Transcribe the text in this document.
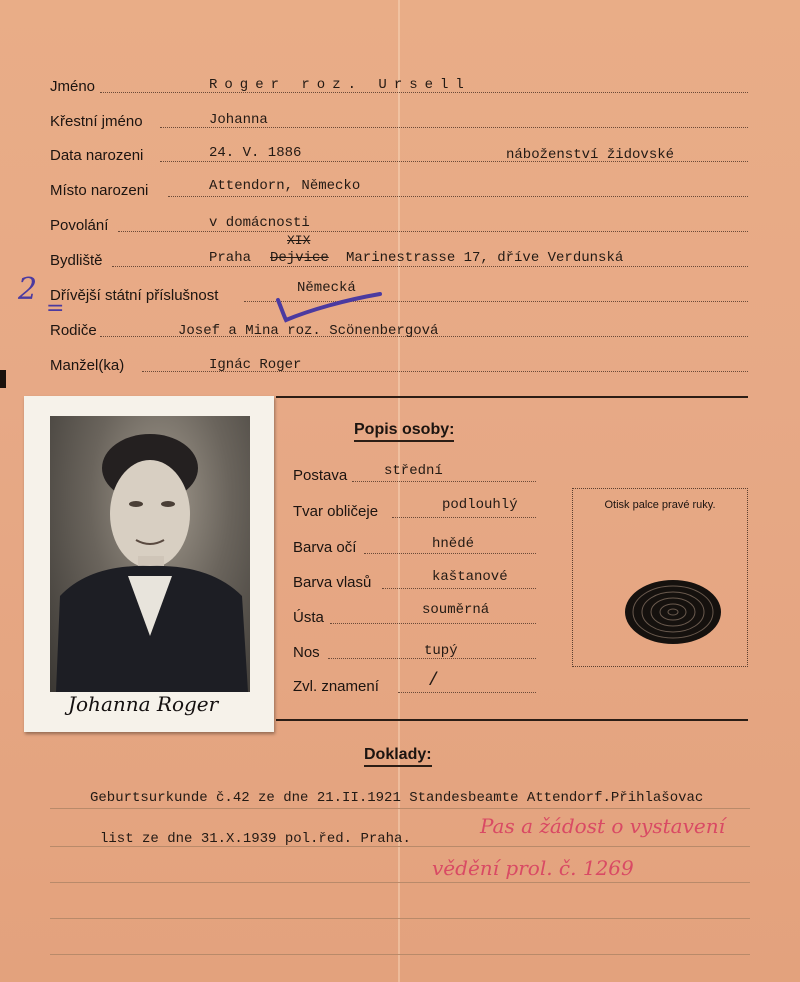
Jméno	Roger roz. Ursell
Křestní jméno	Johanna
Data narozeni	24. V. 1886	náboženství židovské
Místo narozeni	Attendorn, Německo
Povolání	v domácnosti
Bydliště	Praha Dejvice
XIX
Marinestrasse 17, dříve Verdunská
Dřívější státní příslušnost	Německá
Rodiče	Josef a Mina roz. Scönenbergová
Manžel(ka)	Ignác Roger
2
=
Johanna Roger
Popis osoby:
Postava	střední
Tvar obličeje	podlouhlý
Barva očí	hnědé
Barva vlasů	kaštanové
Ústa	souměrná
Nos	tupý
Zvl. znamení	/
Otisk palce pravé ruky.
Doklady:
Geburtsurkunde č.42 ze dne 21.II.1921 Standesbeamte Attendorf.Přihlašovac
list ze dne 31.X.1939 pol.řed. Praha.
Pas a žádost o vystavení
vědění prol. č. 1269
